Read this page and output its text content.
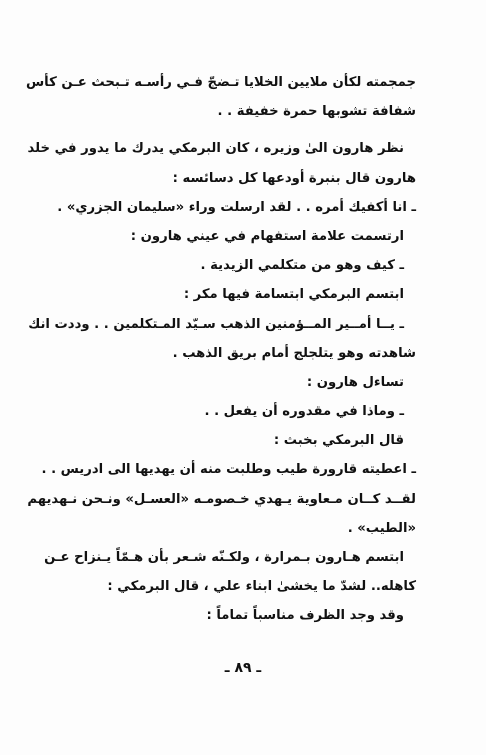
جمجمته لكأن ملايين الخلايا تـضجّ فـي رأسـه تـبحث عـن كأس
شفافة تشوبها حمرة خفيفة . .
نظر هارون الىٰ وزيره ، كان البرمكي يدرك ما يدور في خلد
هارون قال بنبرة أودعها كل دسائسه :
ـ انا أكفيك أمره . . لقد ارسلت وراء «سليمان الجزري» .
ارتسمت علامة استفهام في عيني هارون :
ـ كيف وهو من متكلمي الزيدية .
ابتسم البرمكي ابتسامة فيها مكر :
ـ يــا أمــير المــؤمنين الذهب سـيّد المـتكلمين . . وددت انك
شاهدته وهو يتلجلج أمام بريق الذهب .
تساءل هارون :
ـ وماذا في مقدوره أن يفعل . .
قال البرمكي بخبث :
ـ اعطيته قارورة طيب وطلبت منه أن يهديها الى ادريس . .
لقــد كــان مـعاوية يـهدي خـصومـه «العسـل» ونـحن نـهديهم
«الطيب» .
ابتسم هـارون بـمرارة ، ولكـنّه شـعر بأن هـمّاً يـنزاح عـن
كاهله.. لشدّ ما يخشىٰ ابناء علي ، قال البرمكي :
وقد وجد الظرف مناسباً تماماً :
ـ ٨٩ ـ
